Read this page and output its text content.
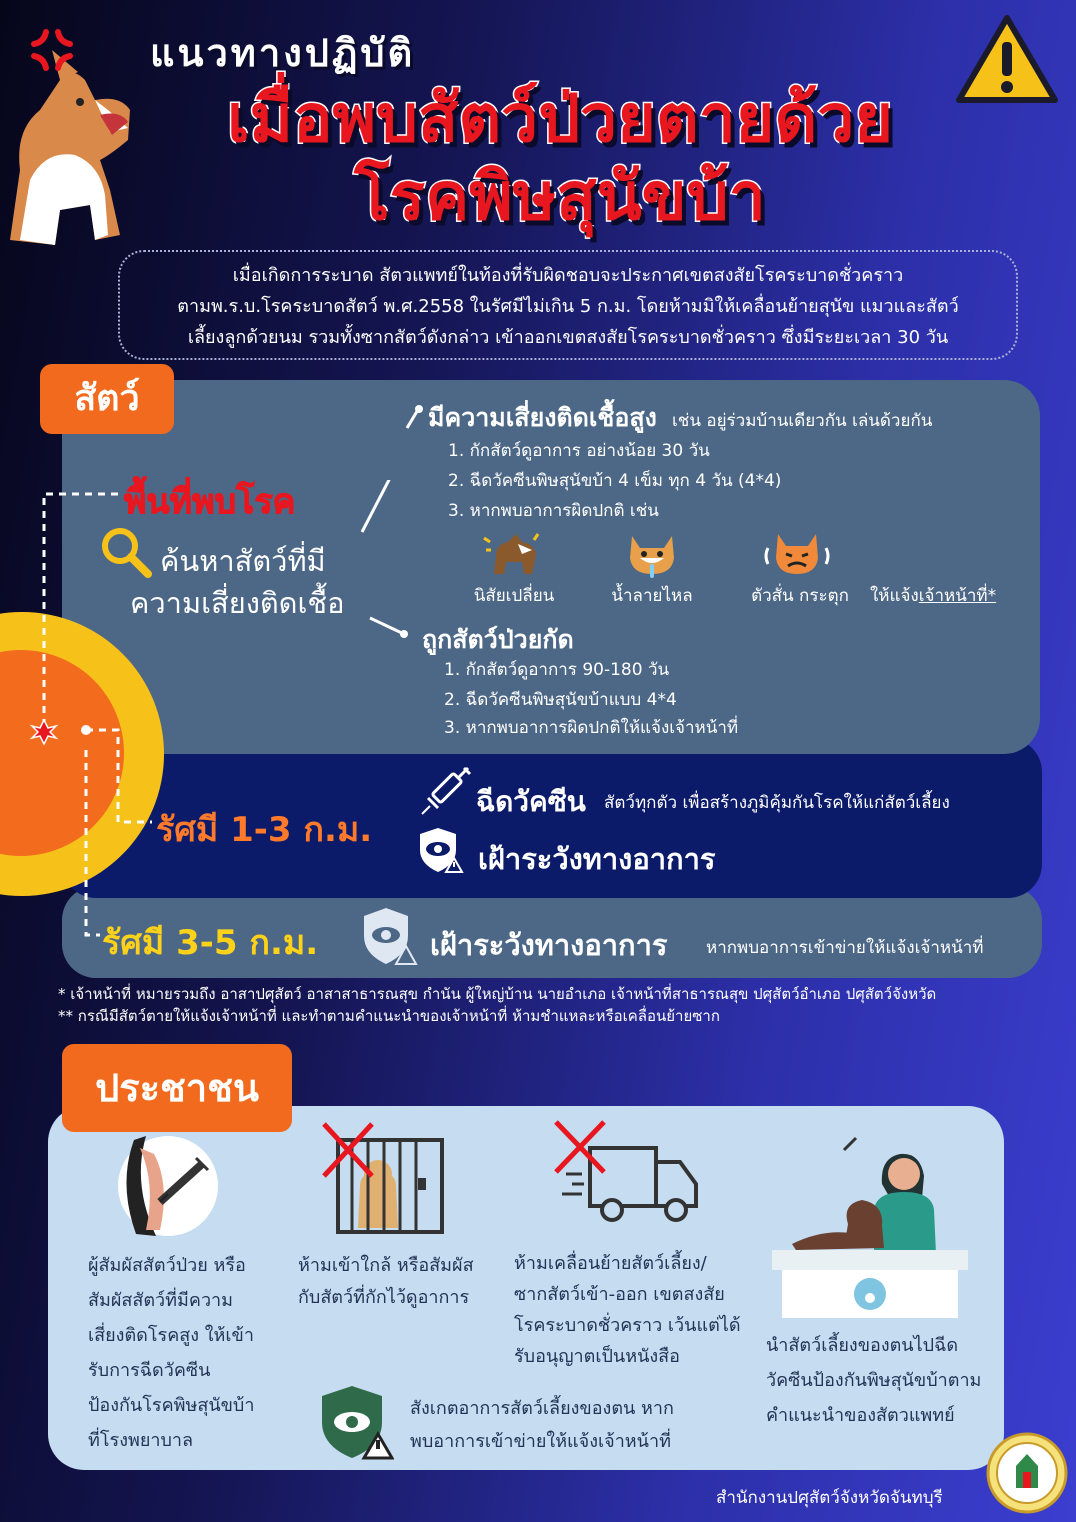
แนวทางปฏิบัติ
เมื่อพบสัตว์ป่วยตายด้วย
โรคพิษสุนัขบ้า
เมื่อเกิดการระบาด สัตวแพทย์ในท้องที่รับผิดชอบจะประกาศเขตสงสัยโรคระบาดชั่วคราว
ตามพ.ร.บ.โรคระบาดสัตว์ พ.ศ.2558 ในรัศมีไม่เกิน 5 ก.ม. โดยห้ามมิให้เคลื่อนย้ายสุนัข แมวและสัตว์
เลี้ยงลูกด้วยนม รวมทั้งซากสัตว์ดังกล่าว เข้าออกเขตสงสัยโรคระบาดชั่วคราว ซึ่งมีระยะเวลา 30 วัน
สัตว์
พื้นที่พบโรค
ค้นหาสัตว์ที่มี
ความเสี่ยงติดเชื้อ
มีความเสี่ยงติดเชื้อสูง เช่น อยู่ร่วมบ้านเดียวกัน เล่นด้วยกัน
1. กักสัตว์ดูอาการ อย่างน้อย 30 วัน
2. ฉีดวัคซีนพิษสุนัขบ้า 4 เข็ม ทุก 4 วัน (4*4)
3. หากพบอาการผิดปกติ เช่น
นิสัยเปลี่ยน	น้ำลายไหล	ตัวสั่น กระตุก	ให้แจ้งเจ้าหน้าที่*
ถูกสัตว์ป่วยกัด
1. กักสัตว์ดูอาการ 90-180 วัน
2. ฉีดวัคซีนพิษสุนัขบ้าแบบ 4*4
3. หากพบอาการผิดปกติให้แจ้งเจ้าหน้าที่
รัศมี 1-3 ก.ม.
ฉีดวัคซีน สัตว์ทุกตัว เพื่อสร้างภูมิคุ้มกันโรคให้แก่สัตว์เลี้ยง
เฝ้าระวังทางอาการ
รัศมี 3-5 ก.ม.	เฝ้าระวังทางอาการ หากพบอาการเข้าข่ายให้แจ้งเจ้าหน้าที่
* เจ้าหน้าที่ หมายรวมถึง อาสาปศุสัตว์ อาสาสาธารณสุข กำนัน ผู้ใหญ่บ้าน นายอำเภอ เจ้าหน้าที่สาธารณสุข ปศุสัตว์อำเภอ ปศุสัตว์จังหวัด
** กรณีมีสัตว์ตายให้แจ้งเจ้าหน้าที่ และทำตามคำแนะนำของเจ้าหน้าที่ ห้ามชำแหละหรือเคลื่อนย้ายซาก
ประชาชน
ผู้สัมผัสสัตว์ป่วย หรือ
สัมผัสสัตว์ที่มีความ
เสี่ยงติดโรคสูง ให้เข้า
รับการฉีดวัคซีน
ป้องกันโรคพิษสุนัขบ้า
ที่โรงพยาบาล
ห้ามเข้าใกล้ หรือสัมผัส
กับสัตว์ที่กักไว้ดูอาการ
ห้ามเคลื่อนย้ายสัตว์เลี้ยง/
ซากสัตว์เข้า-ออก เขตสงสัย
โรคระบาดชั่วคราว เว้นแต่ได้
รับอนุญาตเป็นหนังสือ
นำสัตว์เลี้ยงของตนไปฉีด
วัคซีนป้องกันพิษสุนัขบ้าตาม
คำแนะนำของสัตวแพทย์
สังเกตอาการสัตว์เลี้ยงของตน หาก
พบอาการเข้าข่ายให้แจ้งเจ้าหน้าที่
สำนักงานปศุสัตว์จังหวัดจันทบุรี
